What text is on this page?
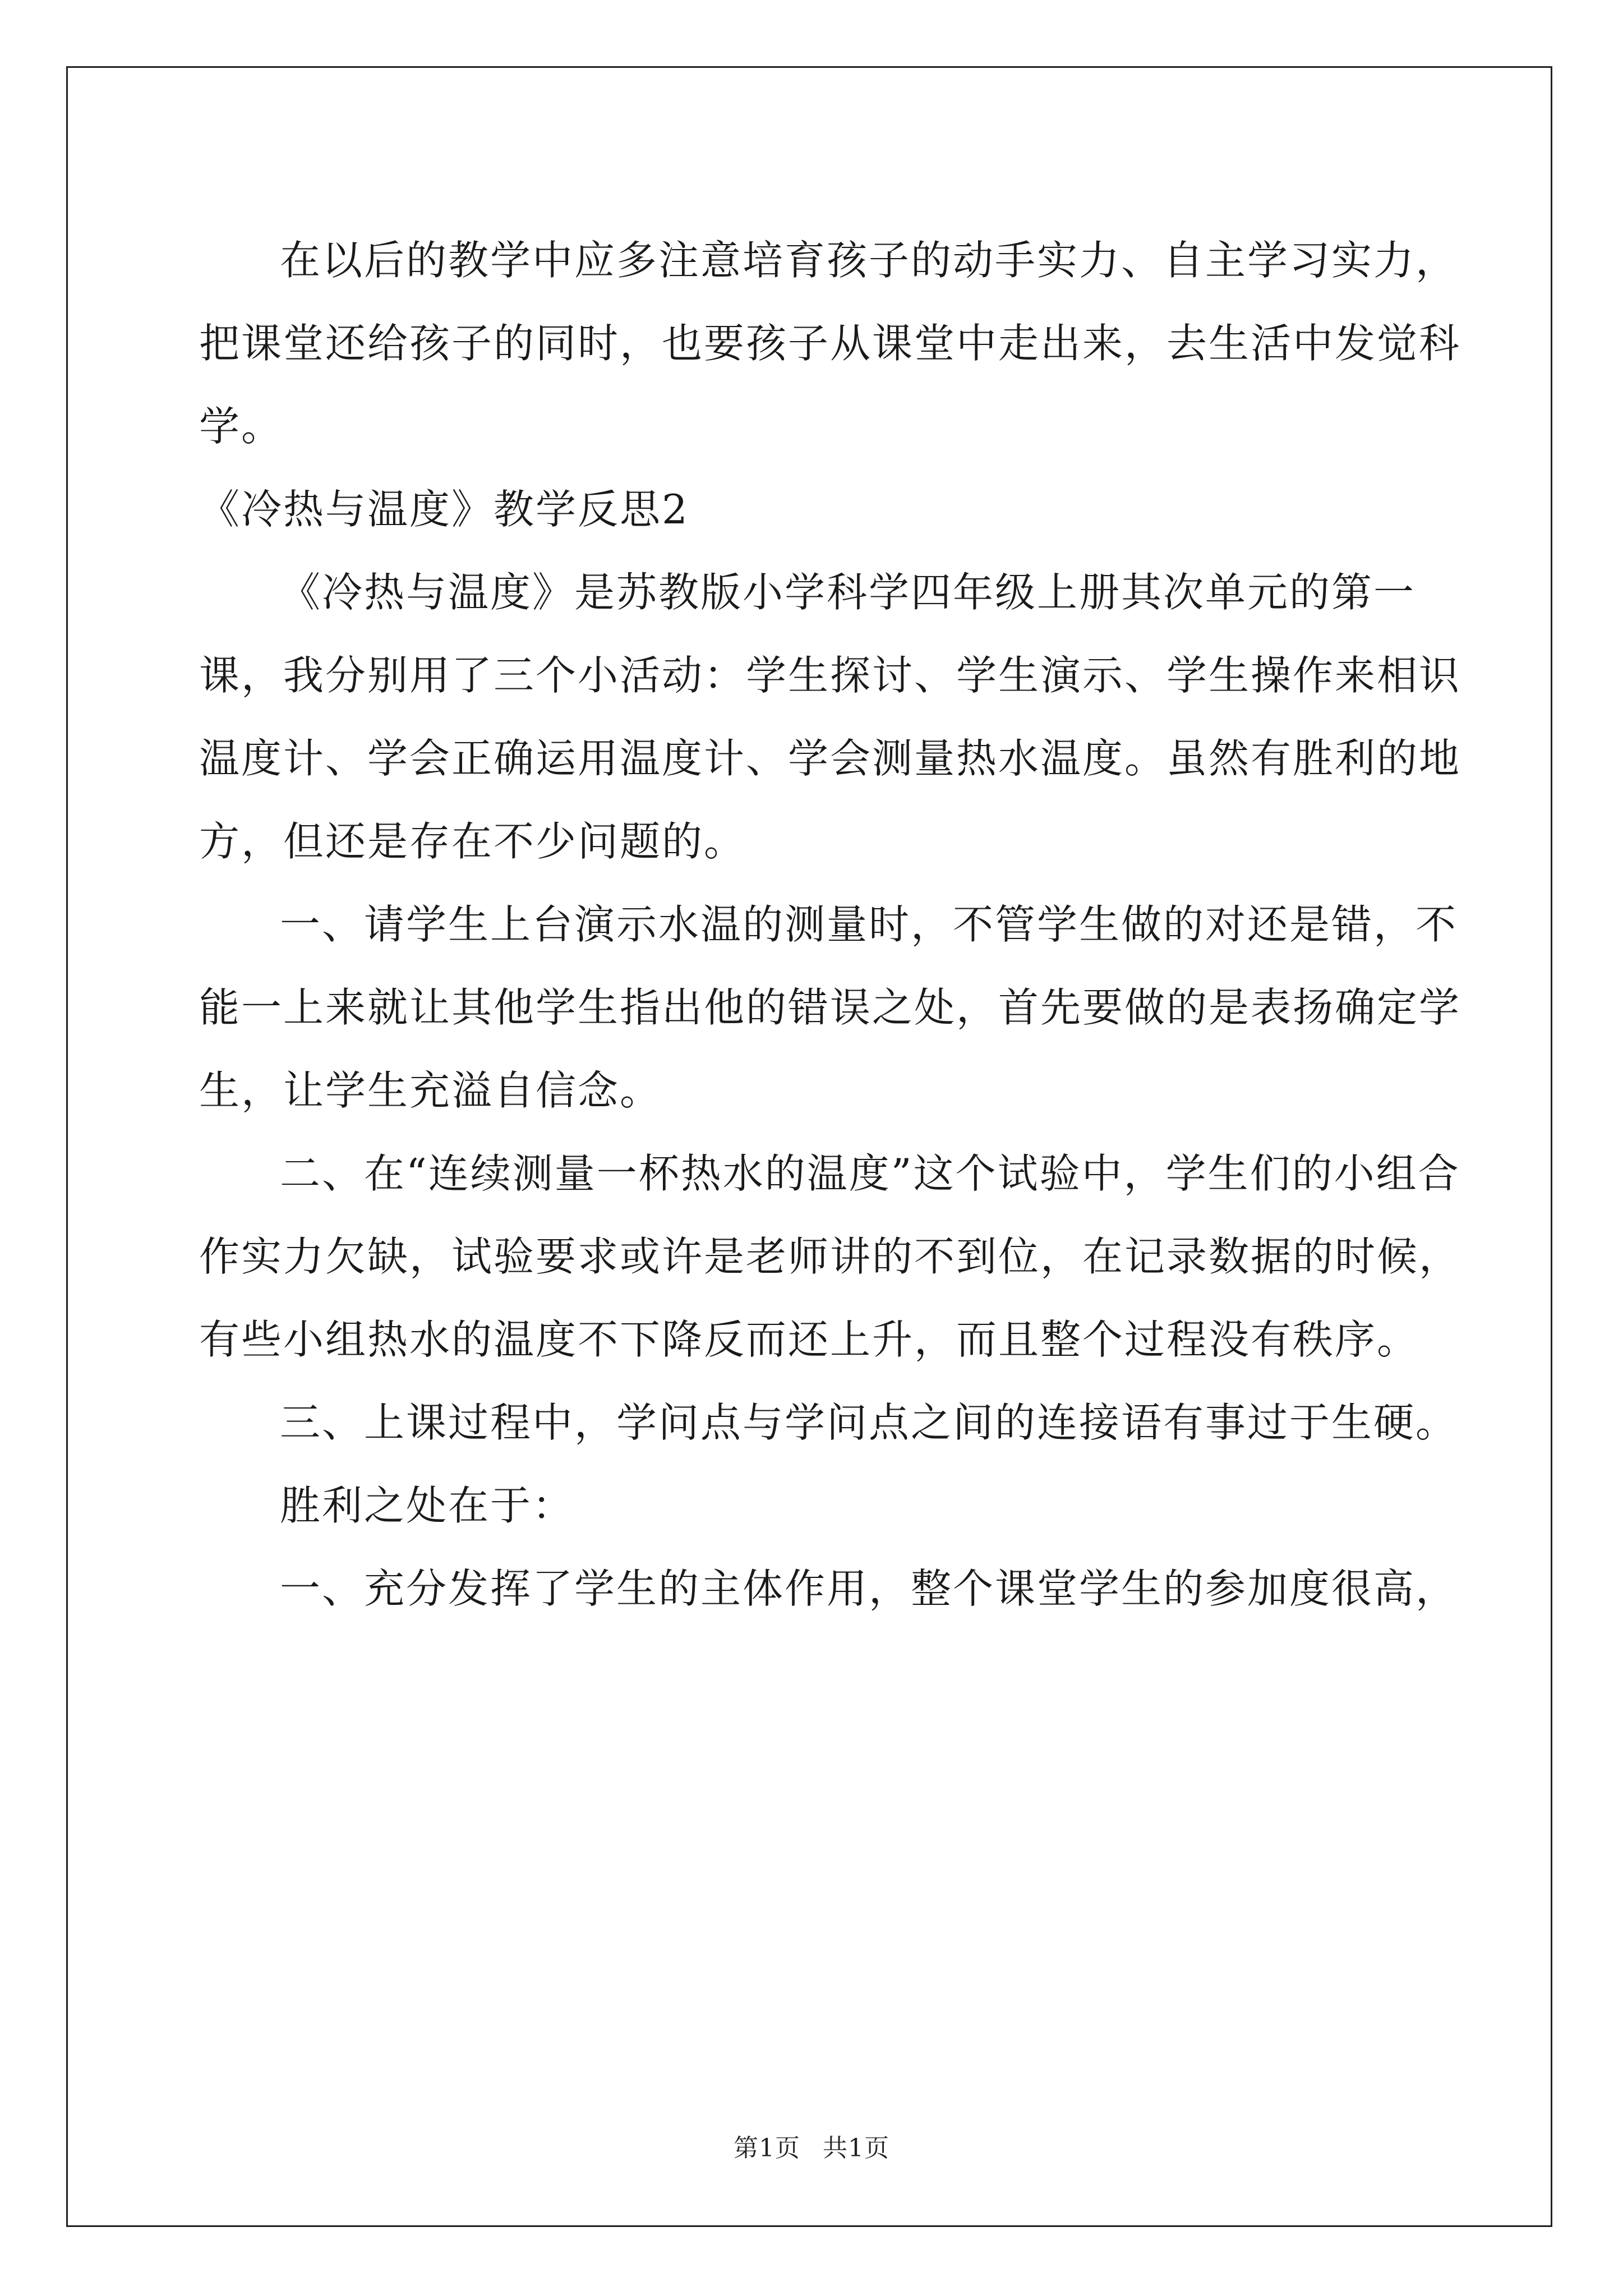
在以后的教学中应多注意培育孩子的动手实力、自主学习实力，把课堂还给孩子的同时，也要孩子从课堂中走出来，去生活中发觉科学。

《冷热与温度》教学反思2

《冷热与温度》是苏教版小学科学四年级上册其次单元的第一课，我分别用了三个小活动：学生探讨、学生演示、学生操作来相识温度计、学会正确运用温度计、学会测量热水温度。虽然有胜利的地方，但还是存在不少问题的。

一、请学生上台演示水温的测量时，不管学生做的对还是错，不能一上来就让其他学生指出他的错误之处，首先要做的是表扬确定学生，让学生充溢自信念。

二、在“连续测量一杯热水的温度”这个试验中，学生们的小组合作实力欠缺，试验要求或许是老师讲的不到位，在记录数据的时候，有些小组热水的温度不下降反而还上升，而且整个过程没有秩序。

三、上课过程中，学问点与学问点之间的连接语有事过于生硬。

胜利之处在于：

一、充分发挥了学生的主体作用，整个课堂学生的参加度很高，

第1页 共1页
